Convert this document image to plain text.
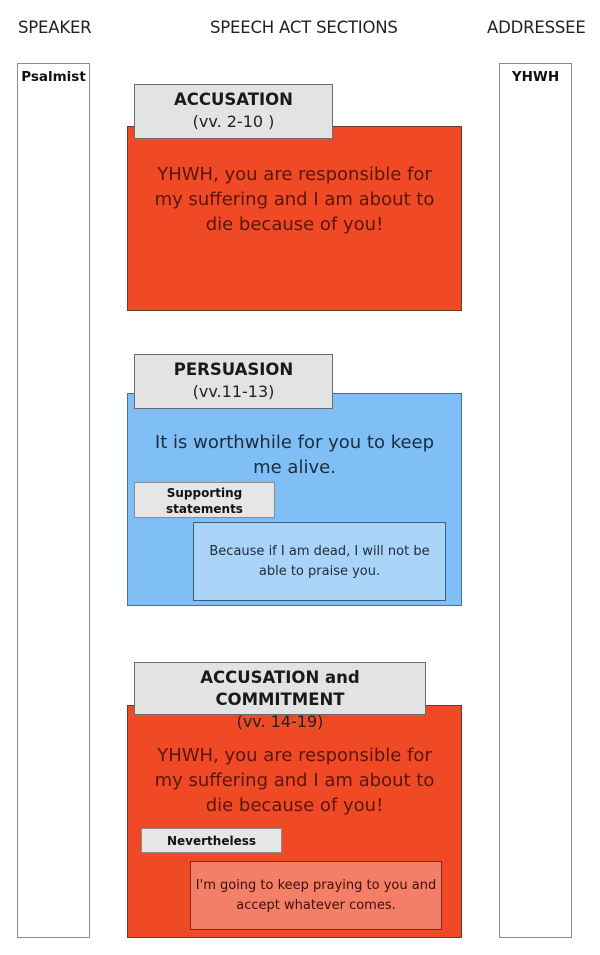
SPEAKER	SPEECH ACT SECTIONS	ADDRESSEE
Psalmist	YHWH
ACCUSATION
(vv. 2-10 )
YHWH, you are responsible for my suffering and I am about to die because of you!
PERSUASION
(vv.11-13)
It is worthwhile for you to keep me alive.
Supporting statements
Because if I am dead, I will not be able to praise you.
ACCUSATION and COMMITMENT
(vv. 14-19)
YHWH, you are responsible for my suffering and I am about to die because of you!
Nevertheless
I'm going to keep praying to you and accept whatever comes.
